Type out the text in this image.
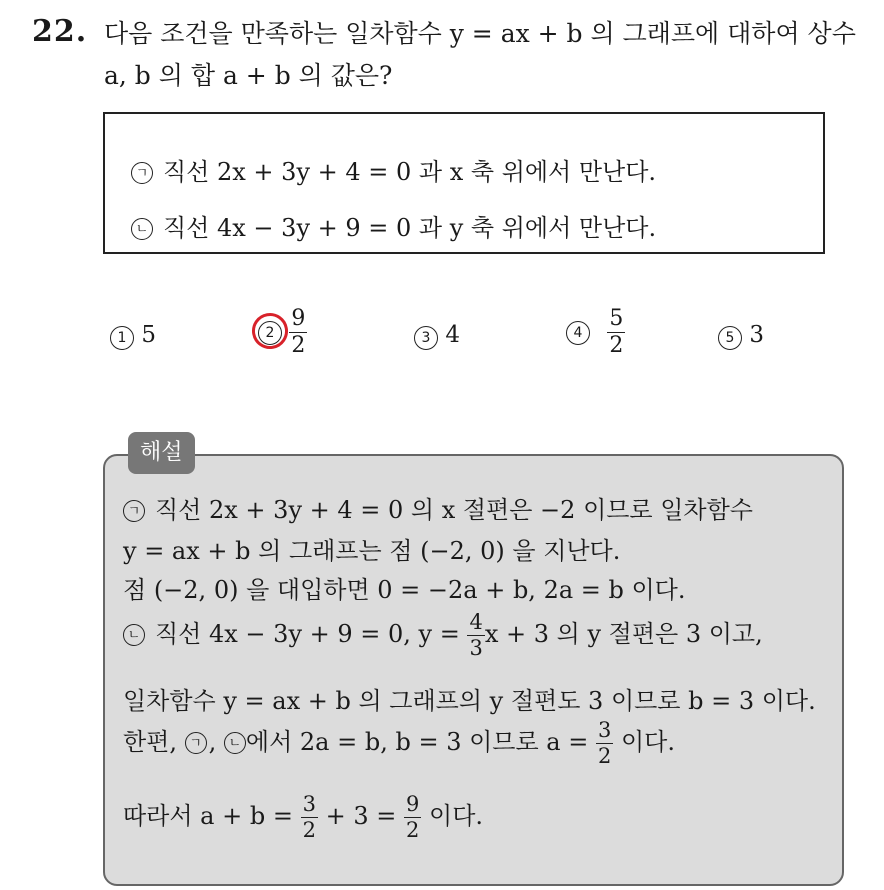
22. 다음 조건을 만족하는 일차함수 y = ax + b 의 그래프에 대하여 상수
a, b 의 합 a + b 의 값은?
ㄱ 직선 2x + 3y + 4 = 0 과 x 축 위에서 만난다.
ㄴ 직선 4x − 3y + 9 = 0 과 y 축 위에서 만난다.
1 5	$2 \frac{9}{2}$	3 4	$4 \frac{5}{2}$	5 3
해설
ㄱ 직선 2x + 3y + 4 = 0 의 x 절편은 −2 이므로 일차함수
y = ax + b 의 그래프는 점 (−2, 0) 을 지난다.
점 (−2, 0) 을 대입하면 0 = −2a + b, 2a = b 이다.
ㄴ 직선 4x − 3y + 9 = 0, $y = \frac{4}{3}$ x + 3 의 y 절편은 3 이고,
일차함수 y = ax + b 의 그래프의 y 절편도 3 이므로 b = 3 이다.
한편, ㄱ , ㄴ 에서 2a = b, b = 3 이므로 $a = \frac{3}{2}$ 이다.
따라서 $a + b = \frac{3}{2} + 3 = \frac{9}{2}$ 이다.
